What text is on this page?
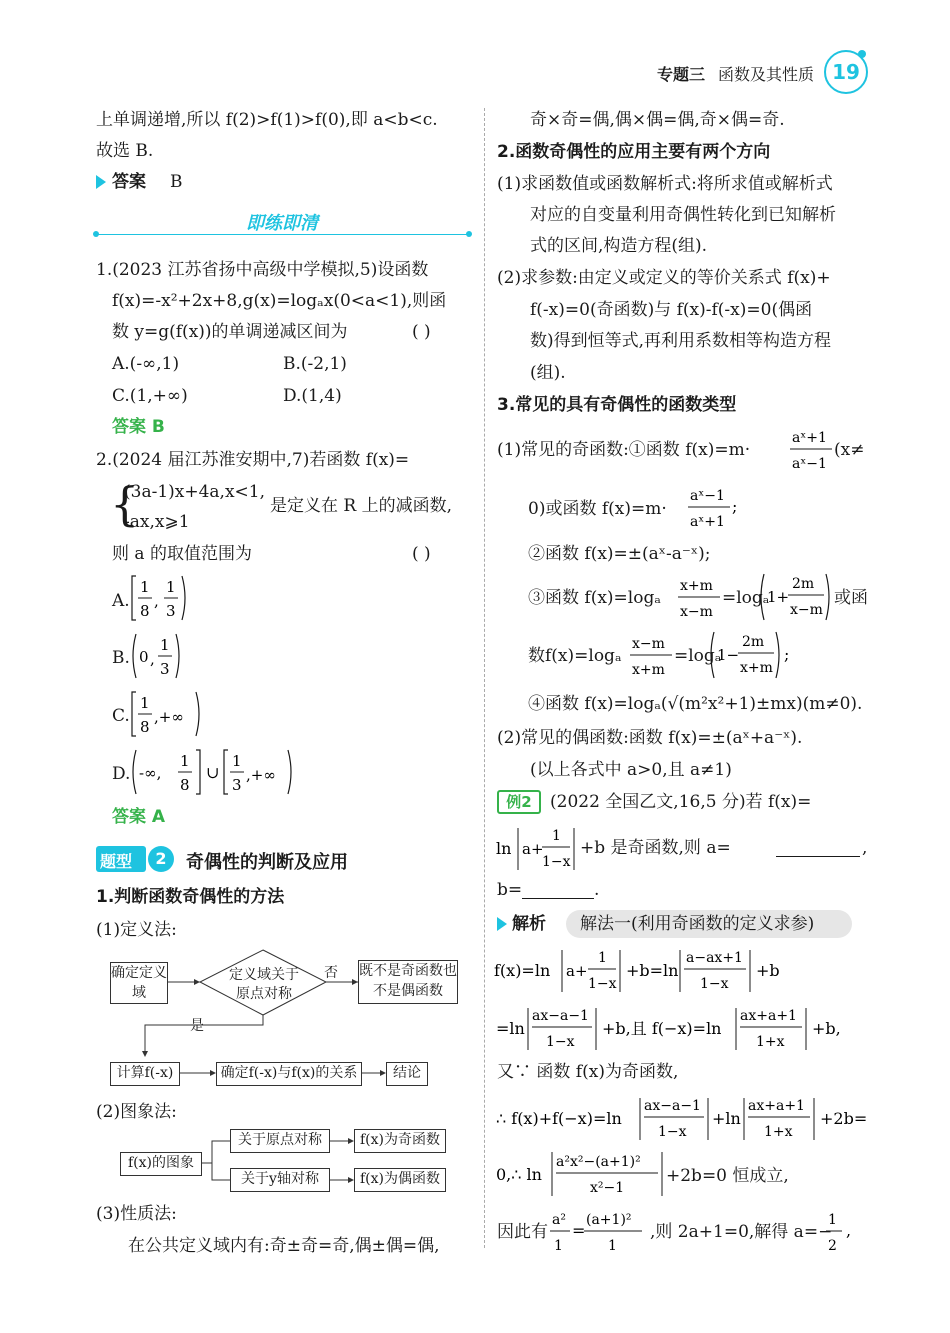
专题三 函数及其性质 19
上单调递增,所以 f(2)>f(1)>f(0),即 a<b<c.
故选 B.
答案 B
即练即清
1.(2023 江苏省扬中高级中学模拟,5)设函数
f(x)=-x²+2x+8,g(x)=logₐx(0<a<1),则函
数 y=g(f(x))的单调递减区间为	( )
A.(-∞,1)	B.(-2,1)
C.(1,+∞)	D.(1,4)
答案 B
2.(2024 届江苏淮安期中,7)若函数 f(x)=
{
(3a-1)x+4a,x<1,
-ax,x⩾1
是定义在 R 上的减函数,
则 a 的取值范围为	( )
A.
1
8
,
1
3
B. 0 ,
1
3
C.
1
8
,+∞
D. -∞,
1
8
∪
1
3
,+∞
答案 A
题型	2	奇偶性的判断及应用
1.判断函数奇偶性的方法
(1)定义法:
确定定义域
定义域关于原点对称
否 既不是奇函数也不是偶函数
是
计算f(-x)	确定f(-x)与f(x)的关系	结论
(2)图象法:
f(x)的图象
关于原点对称	f(x)为奇函数
关于y轴对称	f(x)为偶函数
(3)性质法:
在公共定义域内有:奇±奇=奇,偶±偶=偶,
奇×奇=偶,偶×偶=偶,奇×偶=奇.
2.函数奇偶性的应用主要有两个方向
(1)求函数值或函数解析式:将所求值或解析式
对应的自变量利用奇偶性转化到已知解析
式的区间,构造方程(组).
(2)求参数:由定义或定义的等价关系式 f(x)+
f(-x)=0(奇函数)与 f(x)-f(-x)=0(偶函
数)得到恒等式,再利用系数相等构造方程
(组).
3.常见的具有奇偶性的函数类型
(1)常见的奇函数:①函数 f(x)=m·
aˣ+1
aˣ−1
(x≠
0)或函数 f(x)=m·
aˣ−1
aˣ+1
;
②函数 f(x)=±(aˣ-a⁻ˣ);
③函数 f(x)=logₐ
x+m
x−m
=logₐ
1+
2m
x−m
或函
数f(x)=logₐ
x−m
x+m
=logₐ
1−
2m
x+m
;
④函数 f(x)=logₐ(√(m²x²+1)±mx)(m≠0).
(2)常见的偶函数:函数 f(x)=±(aˣ+a⁻ˣ).
(以上各式中 a>0,且 a≠1)
例2	(2022 全国乙文,16,5 分)若 f(x)=
ln a+
1
1−x
+b 是奇函数,则 a=	,
b=	.
解析 解法一(利用奇函数的定义求参)
f(x)=ln a+
1
1−x
+b=ln
a−ax+1
1−x
+b
=ln
ax−a−1
1−x
+b,且 f(−x)=ln
ax+a+1
1+x
+b,
又∵ 函数 f(x)为奇函数,
∴ f(x)+f(−x)=ln
ax−a−1
1−x
+ln
ax+a+1
1+x
+2b=
0,∴ ln
a²x²−(a+1)²
x²−1
+2b=0 恒成立,
因此有
a²
1
=
(a+1)²
1
,则 2a+1=0,解得 a=−
1
2
,
